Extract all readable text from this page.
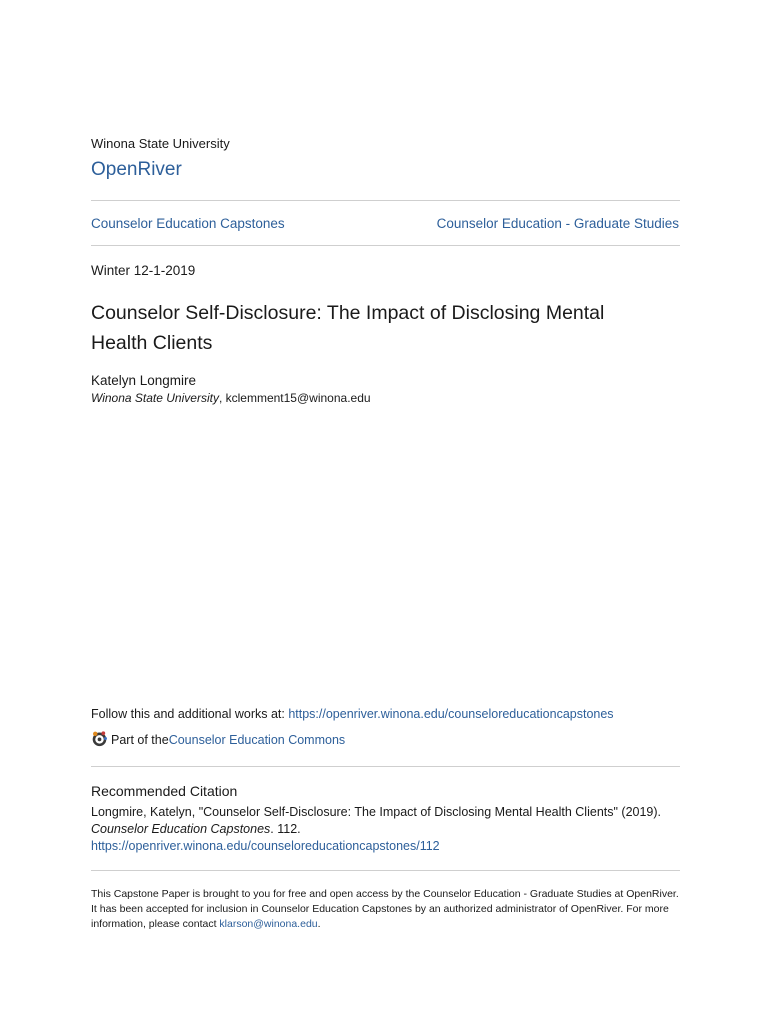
Winona State University
OpenRiver
Counselor Education Capstones	Counselor Education - Graduate Studies
Winter 12-1-2019
Counselor Self-Disclosure: The Impact of Disclosing Mental Health Clients
Katelyn Longmire
Winona State University, kclemment15@winona.edu
Follow this and additional works at: https://openriver.winona.edu/counseloreducationcapstones
Part of the Counselor Education Commons
Recommended Citation
Longmire, Katelyn, "Counselor Self-Disclosure: The Impact of Disclosing Mental Health Clients" (2019).
Counselor Education Capstones. 112.
https://openriver.winona.edu/counseloreducationcapstones/112
This Capstone Paper is brought to you for free and open access by the Counselor Education - Graduate Studies at OpenRiver. It has been accepted for inclusion in Counselor Education Capstones by an authorized administrator of OpenRiver. For more information, please contact klarson@winona.edu.
